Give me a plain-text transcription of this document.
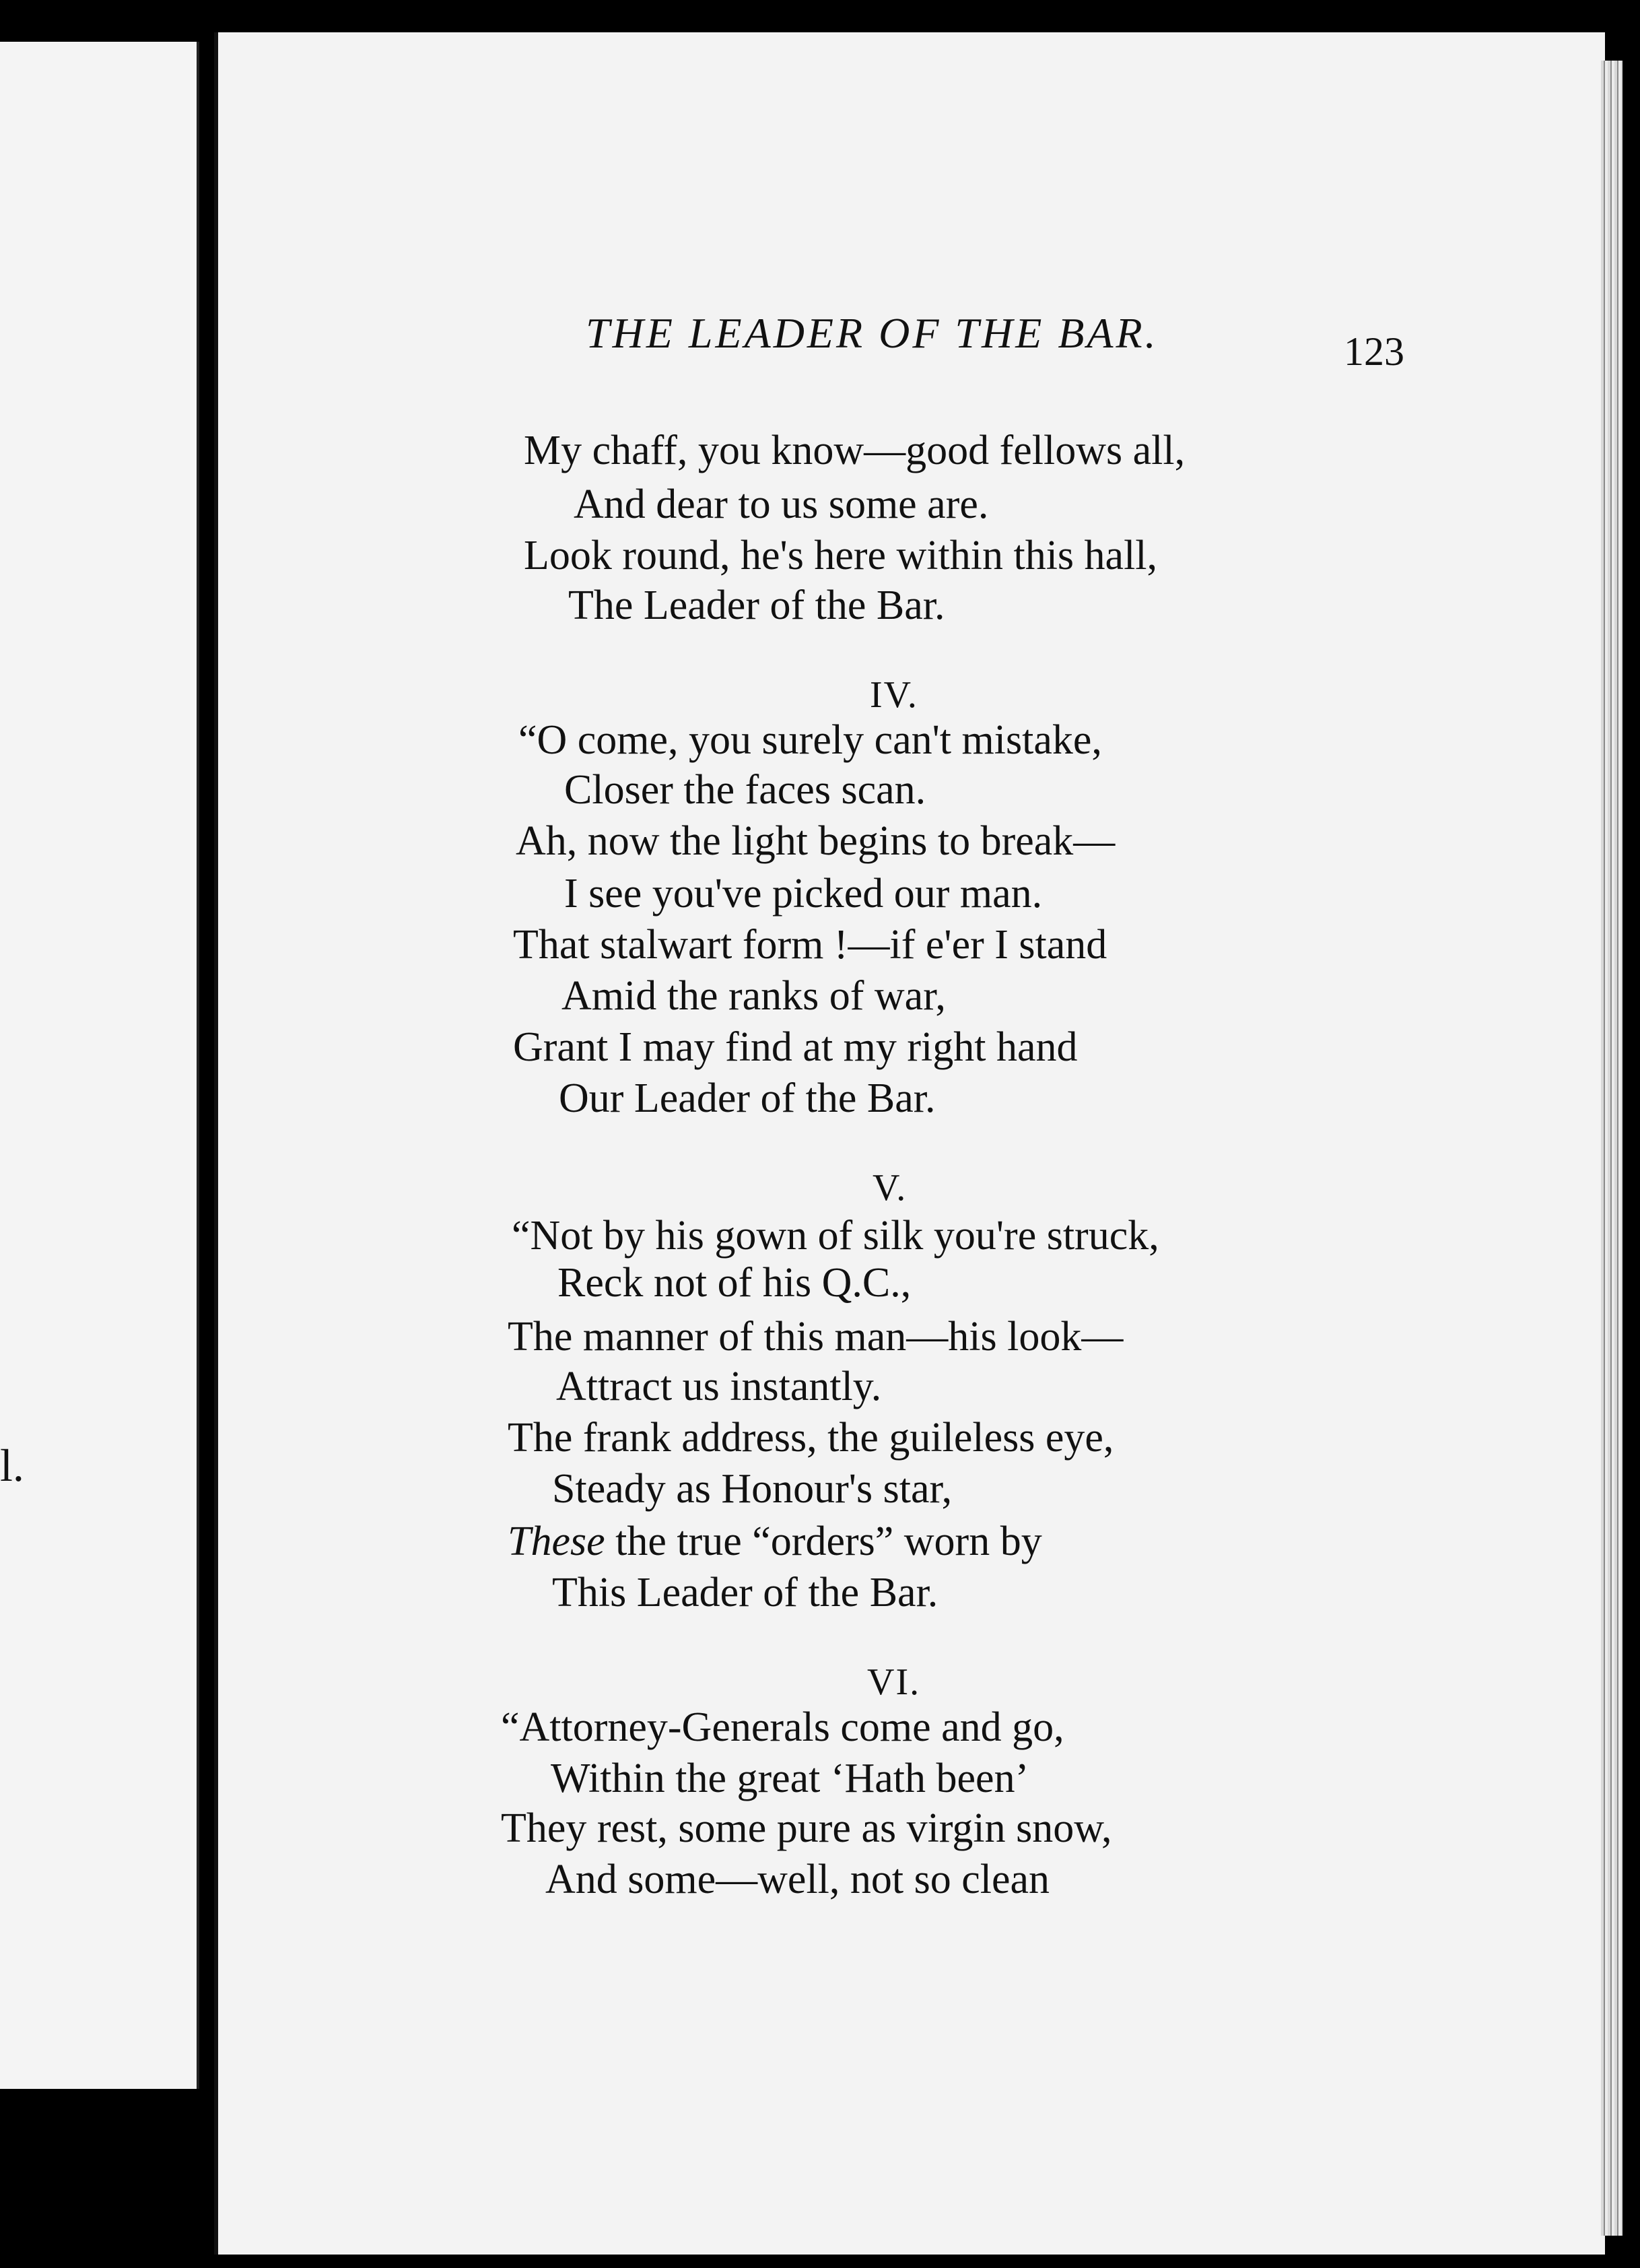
l.
THE LEADER OF THE BAR.	123
My chaff, you know—good fellows all,
And dear to us some are.
Look round, he's here within this hall,
The Leader of the Bar.
IV.
“O come, you surely can't mistake,
Closer the faces scan.
Ah, now the light begins to break—
I see you've picked our man.
That stalwart form !—if e'er I stand
Amid the ranks of war,
Grant I may find at my right hand
Our Leader of the Bar.
V.
“Not by his gown of silk you're struck,
Reck not of his Q.C.,
The manner of this man—his look—
Attract us instantly.
The frank address, the guileless eye,
Steady as Honour's star,
These the true “orders” worn by
This Leader of the Bar.
VI.
“Attorney-Generals come and go,
Within the great ‘Hath been’
They rest, some pure as virgin snow,
And some—well, not so clean
